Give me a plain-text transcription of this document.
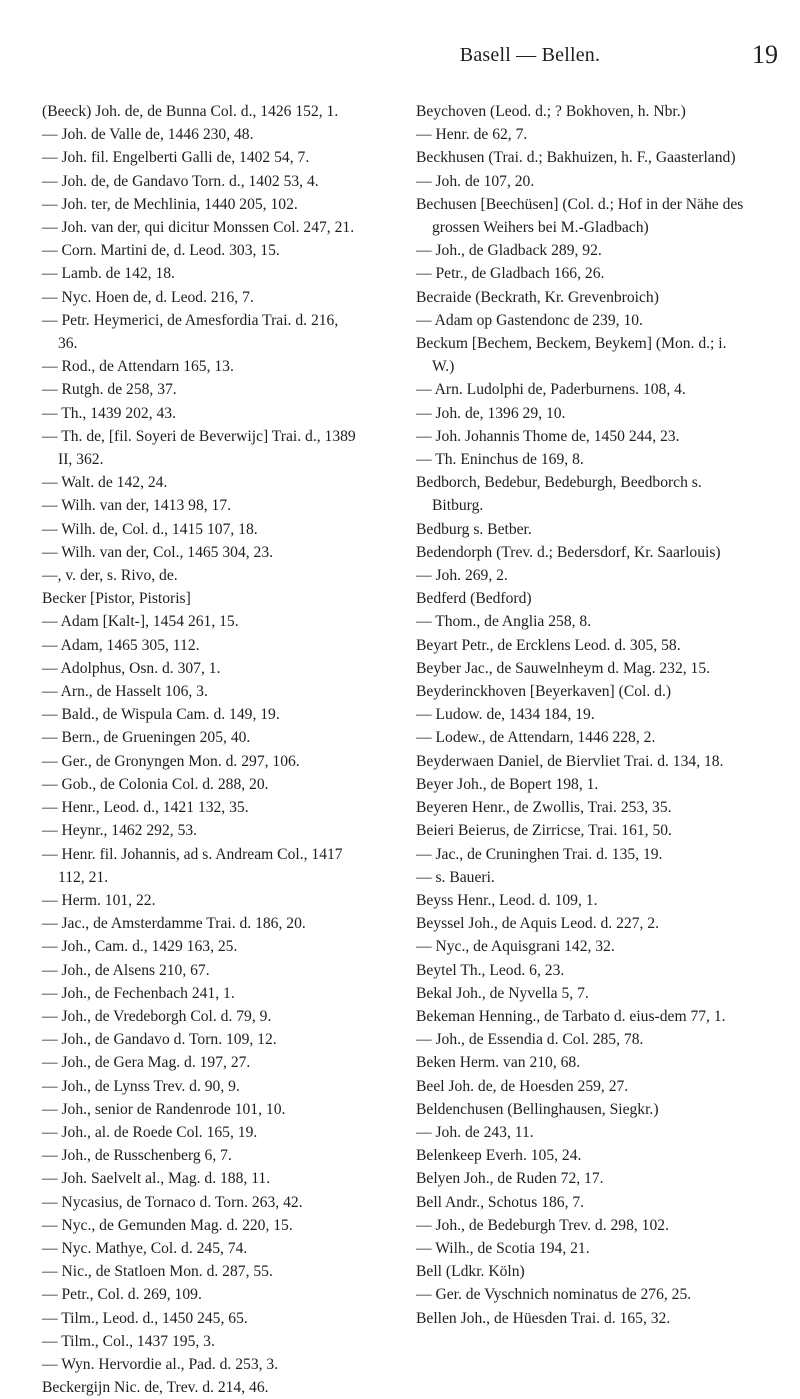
Basell — Bellen.	19
(Beeck) Joh. de, de Bunna Col. d., 1426 152, 1.
— Joh. de Valle de, 1446 230, 48.
— Joh. fil. Engelberti Galli de, 1402 54, 7.
— Joh. de, de Gandavo Torn. d., 1402 53, 4.
— Joh. ter, de Mechlinia, 1440 205, 102.
— Joh. van der, qui dicitur Monssen Col. 247, 21.
— Corn. Martini de, d. Leod. 303, 15.
— Lamb. de 142, 18.
— Nyc. Hoen de, d. Leod. 216, 7.
— Petr. Heymerici, de Amesfordia Trai. d. 216, 36.
— Rod., de Attendarn 165, 13.
— Rutgh. de 258, 37.
— Th., 1439 202, 43.
— Th. de, [fil. Soyeri de Beverwijc] Trai. d., 1389 II, 362.
— Walt. de 142, 24.
— Wilh. van der, 1413 98, 17.
— Wilh. de, Col. d., 1415 107, 18.
— Wilh. van der, Col., 1465 304, 23.
—, v. der, s. Rivo, de.
Becker [Pistor, Pistoris]
— Adam [Kalt-], 1454 261, 15.
— Adam, 1465 305, 112.
— Adolphus, Osn. d. 307, 1.
— Arn., de Hasselt 106, 3.
— Bald., de Wispula Cam. d. 149, 19.
— Bern., de Grueningen 205, 40.
— Ger., de Gronyngen Mon. d. 297, 106.
— Gob., de Colonia Col. d. 288, 20.
— Henr., Leod. d., 1421 132, 35.
— Heynr., 1462 292, 53.
— Henr. fil. Johannis, ad s. Andream Col., 1417 112, 21.
— Herm. 101, 22.
— Jac., de Amsterdamme Trai. d. 186, 20.
— Joh., Cam. d., 1429 163, 25.
— Joh., de Alsens 210, 67.
— Joh., de Fechenbach 241, 1.
— Joh., de Vredeborgh Col. d. 79, 9.
— Joh., de Gandavo d. Torn. 109, 12.
— Joh., de Gera Mag. d. 197, 27.
— Joh., de Lynss Trev. d. 90, 9.
— Joh., senior de Randenrode 101, 10.
— Joh., al. de Roede Col. 165, 19.
— Joh., de Russchenberg 6, 7.
— Joh. Saelvelt al., Mag. d. 188, 11.
— Nycasius, de Tornaco d. Torn. 263, 42.
— Nyc., de Gemunden Mag. d. 220, 15.
— Nyc. Mathye, Col. d. 245, 74.
— Nic., de Statloen Mon. d. 287, 55.
— Petr., Col. d. 269, 109.
— Tilm., Leod. d., 1450 245, 65.
— Tilm., Col., 1437 195, 3.
— Wyn. Hervordie al., Pad. d. 253, 3.
Beckergijn Nic. de, Trev. d. 214, 46.
Beychoven (Leod. d.; ? Bokhoven, h. Nbr.)
— Henr. de 62, 7.
Beckhusen (Trai. d.; Bakhuizen, h. F., Gaasterland)
— Joh. de 107, 20.
Bechusen [Beechüsen] (Col. d.; Hof in der Nähe des grossen Weihers bei M.-Gladbach)
— Joh., de Gladback 289, 92.
— Petr., de Gladbach 166, 26.
Becraide (Beckrath, Kr. Grevenbroich)
— Adam op Gastendonc de 239, 10.
Beckum [Bechem, Beckem, Beykem] (Mon. d.; i. W.)
— Arn. Ludolphi de, Paderburnens. 108, 4.
— Joh. de, 1396 29, 10.
— Joh. Johannis Thome de, 1450 244, 23.
— Th. Eninchus de 169, 8.
Bedborch, Bedebur, Bedeburgh, Beedborch s. Bitburg.
Bedburg s. Betber.
Bedendorph (Trev. d.; Bedersdorf, Kr. Saarlouis)
— Joh. 269, 2.
Bedferd (Bedford)
— Thom., de Anglia 258, 8.
Beyart Petr., de Ercklens Leod. d. 305, 58.
Beyber Jac., de Sauwelnheym d. Mag. 232, 15.
Beyderinckhoven [Beyerkaven] (Col. d.)
— Ludow. de, 1434 184, 19.
— Lodew., de Attendarn, 1446 228, 2.
Beyderwaen Daniel, de Biervliet Trai. d. 134, 18.
Beyer Joh., de Bopert 198, 1.
Beyeren Henr., de Zwollis, Trai. 253, 35.
Beieri Beierus, de Zirricse, Trai. 161, 50.
— Jac., de Cruninghen Trai. d. 135, 19.
— s. Baueri.
Beyss Henr., Leod. d. 109, 1.
Beyssel Joh., de Aquis Leod. d. 227, 2.
— Nyc., de Aquisgrani 142, 32.
Beytel Th., Leod. 6, 23.
Bekal Joh., de Nyvella 5, 7.
Bekeman Henning., de Tarbato d. eius-dem 77, 1.
— Joh., de Essendia d. Col. 285, 78.
Beken Herm. van 210, 68.
Beel Joh. de, de Hoesden 259, 27.
Beldenchusen (Bellinghausen, Siegkr.)
— Joh. de 243, 11.
Belenkeep Everh. 105, 24.
Belyen Joh., de Ruden 72, 17.
Bell Andr., Schotus 186, 7.
— Joh., de Bedeburgh Trev. d. 298, 102.
— Wilh., de Scotia 194, 21.
Bell (Ldkr. Köln)
— Ger. de Vyschnich nominatus de 276, 25.
Bellen Joh., de Hüesden Trai. d. 165, 32.
